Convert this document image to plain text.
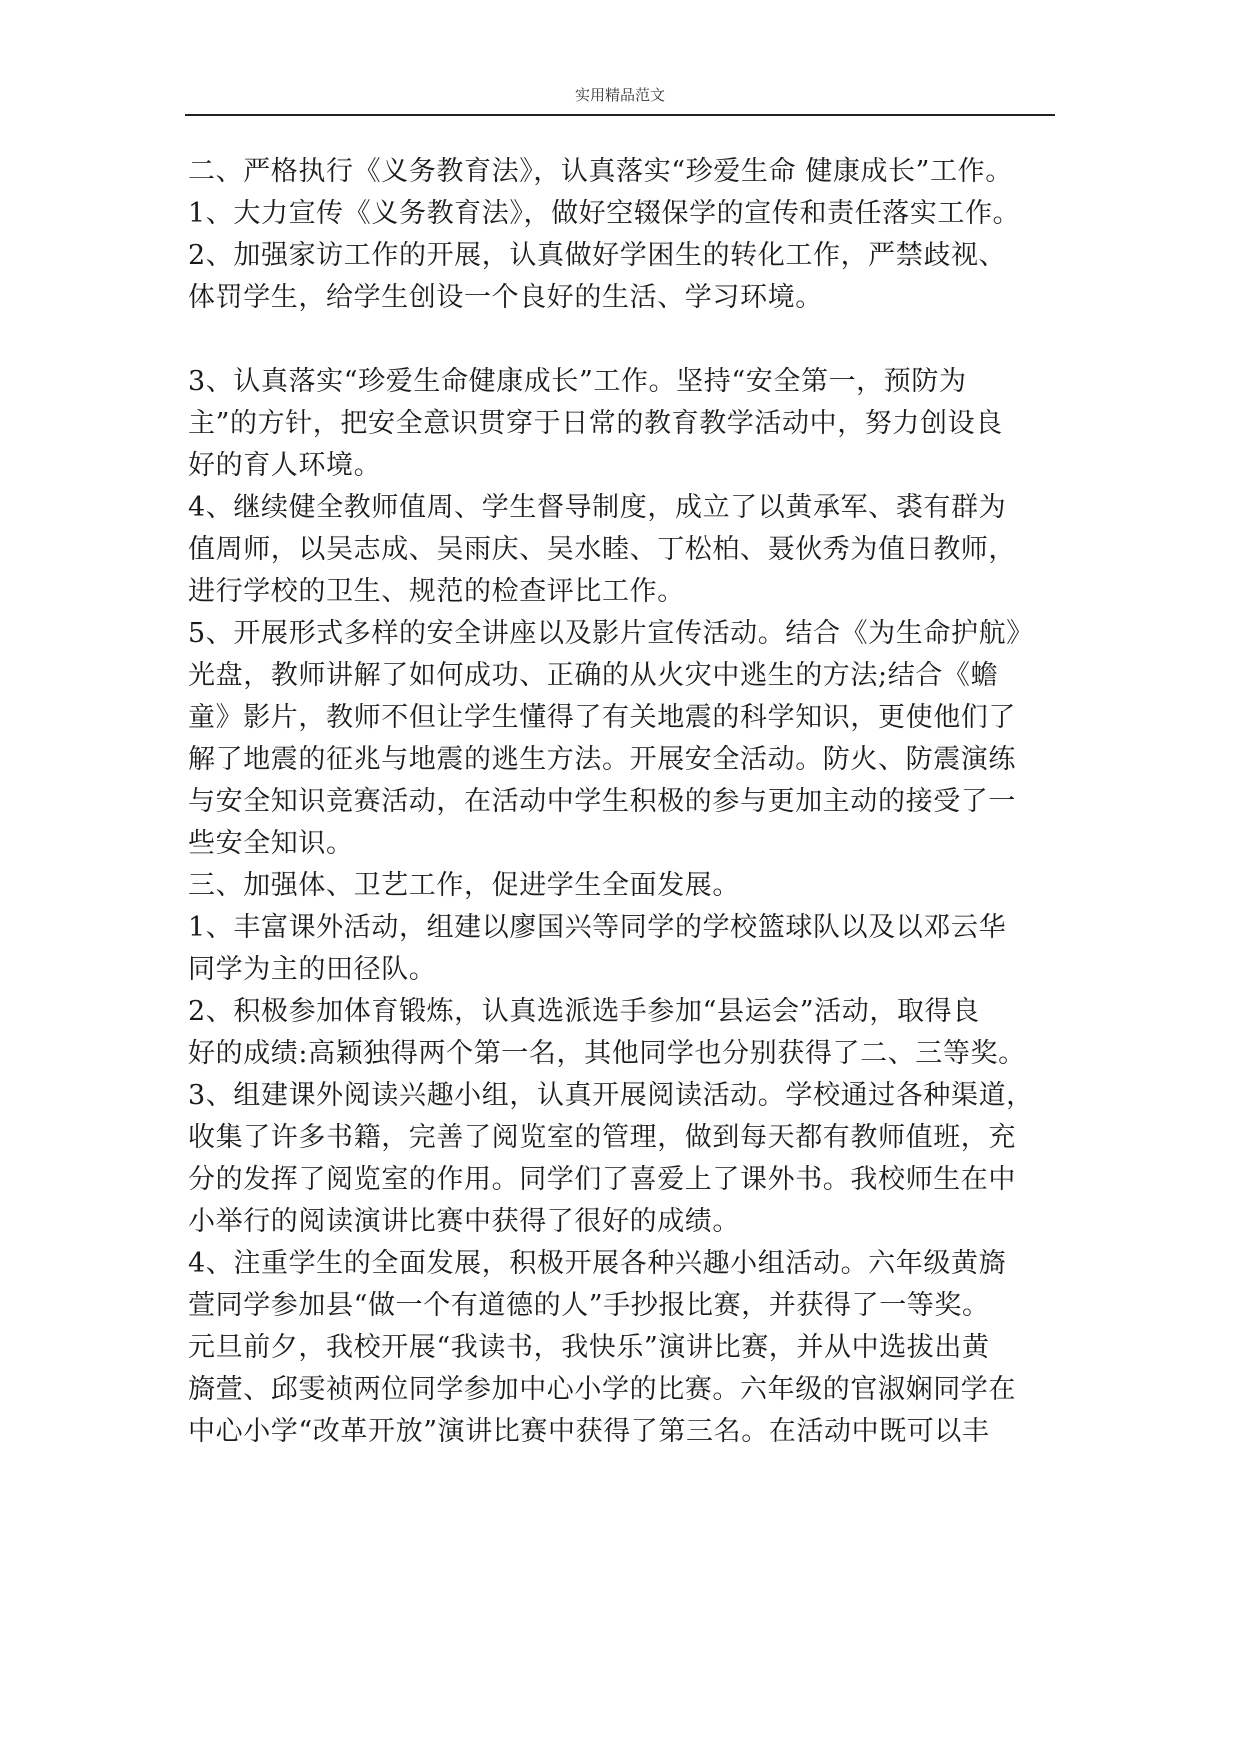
实用精品范文
二、严格执行《义务教育法》，认真落实“珍爱生命 健康成长”工作。
1、大力宣传《义务教育法》，做好空辍保学的宣传和责任落实工作。
2、加强家访工作的开展，认真做好学困生的转化工作，严禁歧视、
体罚学生，给学生创设一个良好的生活、学习环境。
3、认真落实“珍爱生命健康成长”工作。坚持“安全第一，预防为
主”的方针，把安全意识贯穿于日常的教育教学活动中，努力创设良
好的育人环境。
4、继续健全教师值周、学生督导制度，成立了以黄承军、裘有群为
值周师，以吴志成、吴雨庆、吴水睦、丁松柏、聂伙秀为值日教师，
进行学校的卫生、规范的检查评比工作。
5、开展形式多样的安全讲座以及影片宣传活动。结合《为生命护航》
光盘，教师讲解了如何成功、正确的从火灾中逃生的方法;结合《蟾
童》影片，教师不但让学生懂得了有关地震的科学知识，更使他们了
解了地震的征兆与地震的逃生方法。开展安全活动。防火、防震演练
与安全知识竞赛活动，在活动中学生积极的参与更加主动的接受了一
些安全知识。
三、加强体、卫艺工作，促进学生全面发展。
1、丰富课外活动，组建以廖国兴等同学的学校篮球队以及以邓云华
同学为主的田径队。
2、积极参加体育锻炼，认真选派选手参加“县运会”活动，取得良
好的成绩:高颖独得两个第一名，其他同学也分别获得了二、三等奖。
3、组建课外阅读兴趣小组，认真开展阅读活动。学校通过各种渠道，
收集了许多书籍，完善了阅览室的管理，做到每天都有教师值班，充
分的发挥了阅览室的作用。同学们了喜爱上了课外书。我校师生在中
小举行的阅读演讲比赛中获得了很好的成绩。
4、注重学生的全面发展，积极开展各种兴趣小组活动。六年级黄旖
萱同学参加县“做一个有道德的人”手抄报比赛，并获得了一等奖。
元旦前夕，我校开展“我读书，我快乐”演讲比赛，并从中选拔出黄
旖萱、邱雯祯两位同学参加中心小学的比赛。六年级的官淑娴同学在
中心小学“改革开放”演讲比赛中获得了第三名。在活动中既可以丰
